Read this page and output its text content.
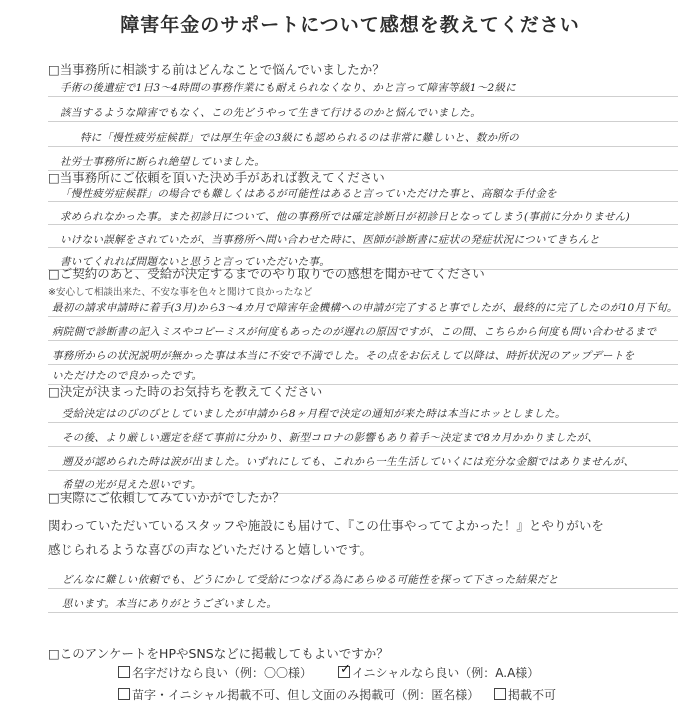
障害年金のサポートについて感想を教えてください
□当事務所に相談する前はどんなことで悩んでいましたか？
手術の後遺症で1日3〜4時間の事務作業にも耐えられなくなり、かと言って障害等級1〜2級に
該当するような障害でもなく、この先どうやって生きて行けるのかと悩んでいました。
特に「慢性疲労症候群」では厚生年金の3級にも認められるのは非常に難しいと、数か所の
社労士事務所に断られ絶望していました。
□当事務所にご依頼を頂いた決め手があれば教えてください
「慢性疲労症候群」の場合でも難しくはあるが可能性はあると言っていただけた事と、高額な手付金を
求められなかった事。また初診日について、他の事務所では確定診断日が初診日となってしまう(事前に分かりません)
いけない誤解をされていたが、当事務所へ問い合わせた時に、医師が診断書に症状の発症状況についてきちんと
書いてくれれば問題ないと思うと言っていただいた事。
□ご契約のあと、受給が決定するまでのやり取りでの感想を聞かせてください
※安心して相談出来た、不安な事を色々と聞けて良かったなど
最初の請求申請時に着手(3月)から3〜4カ月で障害年金機構への申請が完了すると事でしたが、最終的に完了したのが10月下旬。
病院側で診断書の記入ミスやコピーミスが何度もあったのが遅れの原因ですが、この間、こちらから何度も問い合わせるまで
事務所からの状況説明が無かった事は本当に不安で不満でした。その点をお伝えして以降は、時折状況のアップデートを
いただけたので良かったです。
□決定が決まった時のお気持ちを教えてください
受給決定はのびのびとしていましたが申請から8ヶ月程で決定の通知が来た時は本当にホッとしました。
その後、より厳しい選定を経て事前に分かり、新型コロナの影響もあり着手〜決定まで8カ月かかりましたが、
遡及が認められた時は涙が出ました。いずれにしても、これから一生生活していくには充分な金額ではありませんが、
希望の光が見えた思いです。
□実際にご依頼してみていかがでしたか？
関わっていただいているスタッフや施設にも届けて、『この仕事やっててよかった！』とやりがいを
感じられるような喜びの声などいただけると嬉しいです。
どんなに難しい依頼でも、どうにかして受給につなげる為にあらゆる可能性を探って下さった結果だと
思います。本当にありがとうございました。
□このアンケートをHPやSNSなどに掲載してもよいですか？
名字だけなら良い（例：〇〇様） ✓ イニシャルなら良い（例：A.A様）
苗字・イニシャル掲載不可、但し文面のみ掲載可（例：匿名様）	掲載不可
